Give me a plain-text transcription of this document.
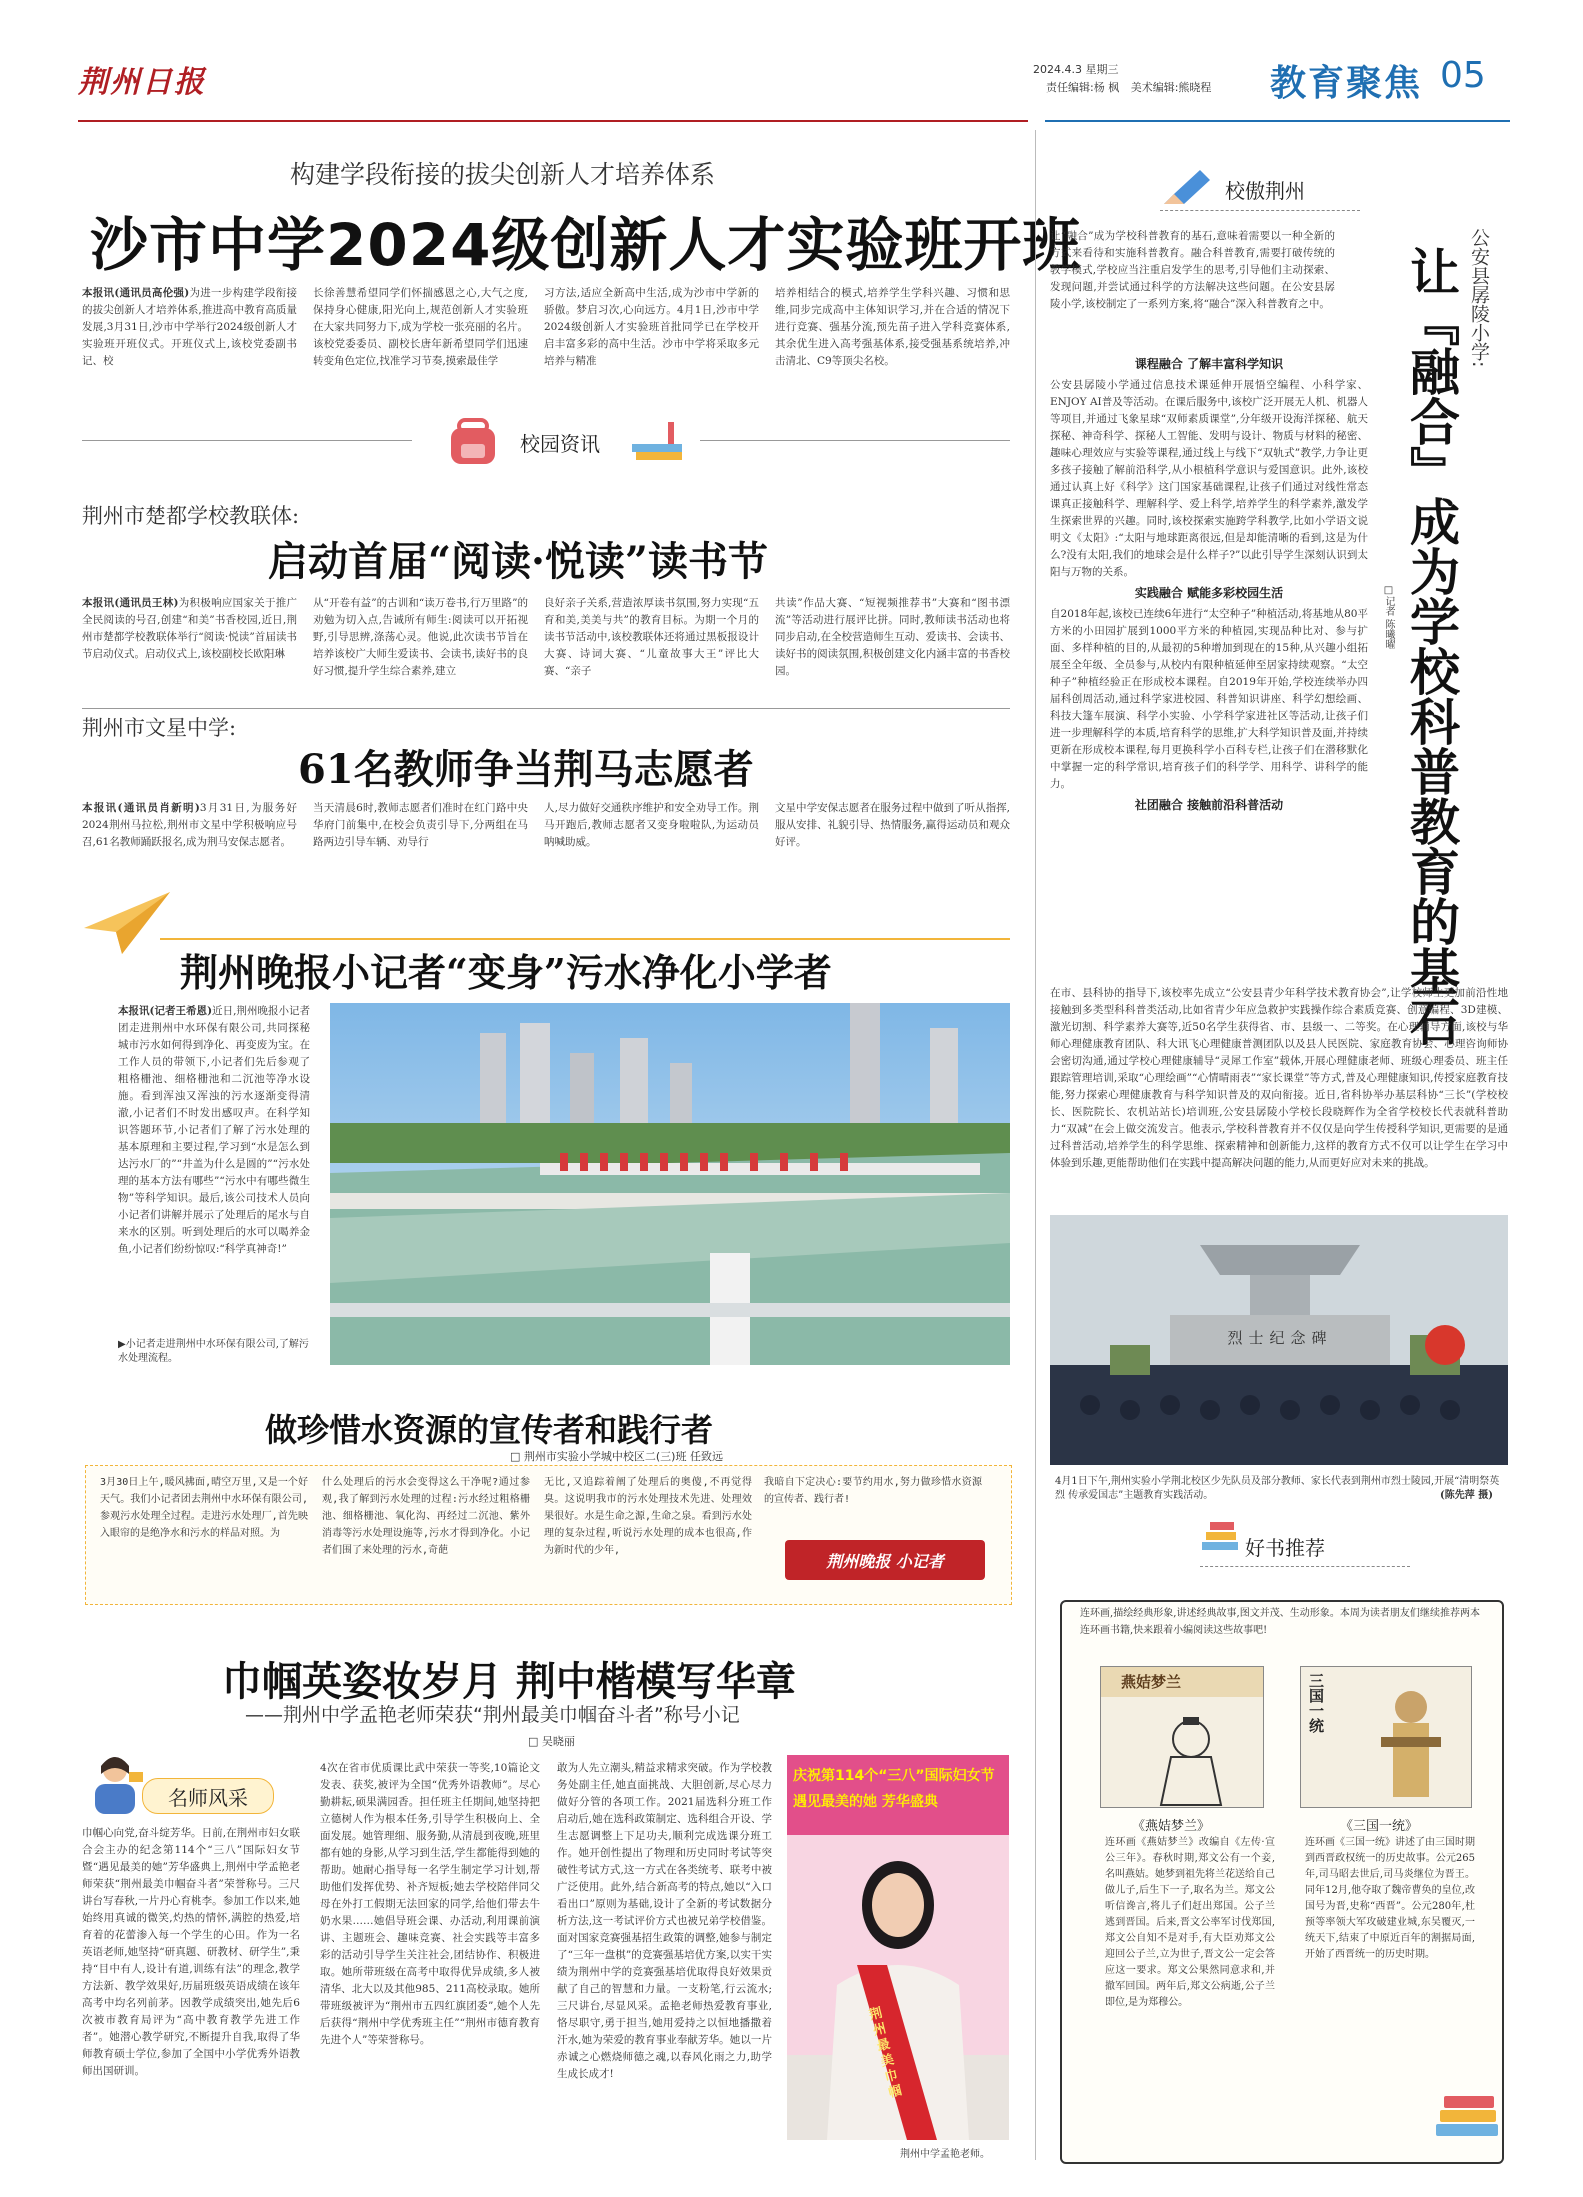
荆州日报	2024.4.3 星期三
责任编辑:杨 枫 美术编辑:熊晓程 教育聚焦 05
构建学段衔接的拔尖创新人才培养体系
沙市中学2024级创新人才实验班开班
本报讯(通讯员高伦强)为进一步构建学段衔接的拔尖创新人才培养体系,推进高中教育高质量发展,3月31日,沙市中学举行2024级创新人才实验班开班仪式。开班仪式上,该校党委副书记、校
长徐善慧希望同学们怀揣感恩之心,大气之度,保持身心健康,阳光向上,规范创新人才实验班在大家共同努力下,成为学校一张亮丽的名片。该校党委委员、副校长唐年新希望同学们迅速转变角色定位,找准学习节奏,摸索最佳学
习方法,适应全新高中生活,成为沙市中学新的骄傲。梦启习次,心向远方。4月1日,沙市中学2024级创新人才实验班首批同学已在学校开启丰富多彩的高中生活。沙市中学将采取多元培养与精准
培养相结合的模式,培养学生学科兴趣、习惯和思维,同步完成高中主体知识学习,并在合适的情况下进行竞赛、强基分流,预先苗子进入学科竞赛体系,其余优生进入高考强基体系,接受强基系统培养,冲击清北、C9等顶尖名校。
校园资讯
荆州市楚都学校教联体:
启动首届“阅读·悦读”读书节
本报讯(通讯员王林)为积极响应国家关于推广全民阅读的号召,创建“和美”书香校园,近日,荆州市楚都学校教联体举行“阅读·悦读”首届读书节启动仪式。启动仪式上,该校副校长欧阳琳
从“开卷有益”的古训和“读万卷书,行万里路”的劝勉为切入点,告诫所有师生:阅读可以开拓视野,引导思辨,涤荡心灵。他说,此次读书节旨在培养该校广大师生爱读书、会读书,读好书的良好习惯,提升学生综合素养,建立
良好亲子关系,营造浓厚读书氛围,努力实现“五育和美,美美与共”的教育目标。为期一个月的读书节活动中,该校教联体还将通过黑板报设计大赛、诗词大赛、“儿童故事大王”评比大赛、“亲子
共读”作品大赛、“短视频推荐书”大赛和“图书漂流”等活动进行展评比拼。同时,教师读书活动也将同步启动,在全校营造师生互动、爱读书、会读书、读好书的阅读氛围,积极创建文化内涵丰富的书香校园。
荆州市文星中学:
61名教师争当荆马志愿者
本报讯(通讯员肖新明)3月31日,为服务好2024荆州马拉松,荆州市文星中学积极响应号召,61名教师踊跃报名,成为荆马安保志愿者。
当天清晨6时,教师志愿者们准时在红门路中央华府门前集中,在校会负责引导下,分两组在马路两边引导车辆、劝导行
人,尽力做好交通秩序维护和安全劝导工作。荆马开跑后,教师志愿者又变身啦啦队,为运动员呐喊助威。
文星中学安保志愿者在服务过程中做到了听从指挥,服从安排、礼貌引导、热情服务,赢得运动员和观众好评。
荆州晚报小记者“变身”污水净化小学者
本报讯(记者王希恩)近日,荆州晚报小记者团走进荆州中水环保有限公司,共同探秘城市污水如何得到净化、再变废为宝。在工作人员的带领下,小记者们先后参观了粗格栅池、细格栅池和二沉池等净水设施。看到浑浊又浑浊的污水逐渐变得清澈,小记者们不时发出感叹声。在科学知识答题环节,小记者们了解了污水处理的基本原理和主要过程,学习到“水是怎么到达污水厂的”“井盖为什么是圆的”“污水处理的基本方法有哪些”“污水中有哪些微生物”等科学知识。最后,该公司技术人员向小记者们讲解并展示了处理后的尾水与自来水的区别。听到处理后的水可以喝养金鱼,小记者们纷纷惊叹:“科学真神奇!”
▶小记者走进荆州中水环保有限公司,了解污水处理流程。
做珍惜水资源的宣传者和践行者
□ 荆州市实验小学城中校区二(三)班 任致远
3月30日上午,暖风拂面,晴空万里,又是一个好天气。我们小记者团去荆州中水环保有限公司,参观污水处理全过程。走进污水处理厂,首先映入眼帘的是绝净水和污水的样品对照。为
什么处理后的污水会变得这么干净呢?通过参观,我了解到污水处理的过程:污水经过粗格栅池、细格栅池、氧化沟、再经过二沉池、紫外消毒等污水处理设施等,污水才得到净化。小记者们围了来处理的污水,奇葩
无比,又追踪着阐了处理后的奥傻,不再觉得臭。这说明我市的污水处理技术先进、处理效果很好。水是生命之源,生命之泉。看到污水处理的复杂过程,听说污水处理的成本也很高,作为新时代的少年,
我暗自下定决心:要节约用水,努力做珍惜水资源的宣传者、践行者!
荆州晚报 小记者
巾帼英姿妆岁月 荆中楷模写华章
——荆州中学孟艳老师荣获“荆州最美巾帼奋斗者”称号小记
□ 吴晓丽
名师风采
巾帼心向党,奋斗绽芳华。日前,在荆州市妇女联合会主办的纪念第114个“三八”国际妇女节暨“遇见最美的她”芳华盛典上,荆州中学孟艳老师荣获“荆州最美巾帼奋斗者”荣誉称号。三尺讲台写春秋,一片丹心育桃李。参加工作以来,她始终用真诚的微笑,灼热的情怀,满腔的热爱,培育着的花蕾渗入每一个学生的心田。作为一名英语老师,她坚持“研真题、研教材、研学生”,秉持“目中有人,设计有道,训练有法”的理念,教学方法新、教学效果好,历届班级英语成绩在该年高考中均名列前茅。因教学成绩突出,她先后6次被市教育局评为“高中教育教学先进工作者”。她潜心教学研究,不断提升自我,取得了华师教育硕士学位,参加了全国中小学优秀外语教师出国研训。
4次在省市优质课比武中荣获一等奖,10篇论文发表、获奖,被评为全国“优秀外语教师”。尽心勤耕耘,硕果满园香。担任班主任期间,她坚持把立德树人作为根本任务,引导学生积极向上、全面发展。她管理细、服务勤,从清晨到夜晚,班里都有她的身影,从学习到生活,学生都能得到她的帮助。她耐心指导每一名学生制定学习计划,帮助他们发挥优势、补齐短板;她去学校陪伴同父母在外打工假期无法回家的同学,给他们带去牛奶水果……她倡导班会课、办活动,利用课前演讲、主题班会、趣味竞赛、社会实践等丰富多彩的活动引导学生关注社会,团结协作、积极进取。她所带班级在高考中取得优异成绩,多人被清华、北大以及其他985、211高校录取。她所带班级被评为“荆州市五四红旗团委”,她个人先后获得“荆州中学优秀班主任”“荆州市德育教育先进个人”等荣誉称号。
敢为人先立潮头,精益求精求突破。作为学校教务处副主任,她直面挑战、大胆创新,尽心尽力做好分管的各项工作。2021届选科分班工作启动后,她在选科政策制定、选科组合开设、学生志愿调整上下足功夫,顺利完成选课分班工作。她开创性提出了物理和历史同时考试等突破性考试方式,这一方式在各类统考、联考中被广泛使用。此外,结合新高考的特点,她以“入口看出口”原则为基础,设计了全新的考试数据分析方法,这一考试评价方式也被兄弟学校借鉴。面对国家竞赛强基招生政策的调整,她参与制定了“三年一盘棋”的竞赛强基培优方案,以实干实绩为荆州中学的竞赛强基培优取得良好效果贡献了自己的智慧和力量。一支粉笔,行云流水;三尺讲台,尽显风采。孟艳老师热爱教育事业,恪尽职守,勇于担当,她用爱持之以恒地播撒着汗水,她为荣爱的教育事业奉献芳华。她以一片赤诚之心燃烧师德之魂,以春风化雨之力,助学生成长成才!
庆祝第114个“三八”国际妇女节 遇见最美的她 芳华盛典
荆州最美巾帼
荆州中学孟艳老师。
校傲荆州
让“融合”成为学校科普教育的基石,意味着需要以一种全新的方式来看待和实施科普教育。融合科普教育,需要打破传统的教学模式,学校应当注重启发学生的思考,引导他们主动探索、发现问题,并尝试通过科学的方法解决这些问题。在公安县孱陵小学,该校制定了一系列方案,将“融合”深入科普教育之中。	公安县孱陵小学:
让『融合』成为学校科普教育的基石
□记者 陈曦曜
课程融合 了解丰富科学知识
公安县孱陵小学通过信息技术课延伸开展悟空编程、小科学家、ENJOY AI普及等活动。在课后服务中,该校广泛开展无人机、机器人等项目,并通过飞象星球“双师素质课堂”,分年级开设海洋探秘、航天探秘、神奇科学、探秘人工智能、发明与设计、物质与材料的秘密、趣味心理效应与实验等课程,通过线上与线下“双轨式”教学,力争让更多孩子接触了解前沿科学,从小根植科学意识与爱国意识。此外,该校通过认真上好《科学》这门国家基础课程,让孩子们通过对线性常态课真正接触科学、理解科学、爱上科学,培养学生的科学素养,激发学生探索世界的兴趣。同时,该校探索实施跨学科教学,比如小学语文说明文《太阳》:“太阳与地球距离很远,但是却能清晰的看到,这是为什么?没有太阳,我们的地球会是什么样子?”以此引导学生深刻认识到太阳与万物的关系。
实践融合 赋能多彩校园生活
自2018年起,该校已连续6年进行“太空种子”种植活动,将基地从80平方米的小田园扩展到1000平方米的种植园,实现品种比对、参与扩面、多样种植的目的,从最初的5种增加到现在的15种,从兴趣小组拓展至全年级、全员参与,从校内有限种植延伸至居家持续观察。“太空种子”种植经验正在形成校本课程。自2019年开始,学校连续举办四届科创周活动,通过科学家进校园、科普知识讲座、科学幻想绘画、科技大篷车展演、科学小实验、小学科学家进社区等活动,让孩子们进一步理解科学的本质,培育科学的思维,扩大科学知识普及面,并持续更新在形成校本课程,每月更换科学小百科专栏,让孩子们在潜移默化中掌握一定的科学常识,培育孩子们的科学学、用科学、讲科学的能力。
社团融合 接触前沿科普活动
在市、县科协的指导下,该校率先成立“公安县青少年科学技术教育协会”,让学校师生更加前沿性地接触到多类型科科普类活动,比如省青少年应急救护实践操作综合素质竞赛、创意编程、3D建模、激光切割、科学素养大赛等,近50名学生获得省、市、县级一、二等奖。在心理辅导方面,该校与华师心理健康教育团队、科大讯飞心理健康普测团队以及县人民医院、家庭教育协会、心理咨询师协会密切沟通,通过学校心理健康辅导“灵犀工作室”载体,开展心理健康老师、班级心理委员、班主任跟踪管理培训,采取“心理绘画”“心情晴雨表”“家长课堂”等方式,普及心理健康知识,传授家庭教育技能,努力探索心理健康教育与科学知识普及的双向衔接。近日,省科协举办基层科协“三长”(学校校长、医院院长、农机站站长)培训班,公安县孱陵小学校长段晓辉作为全省学校校长代表就科普助力“双减”在会上做交流发言。他表示,学校科普教育并不仅仅是向学生传授科学知识,更需要的是通过科普活动,培养学生的科学思维、探索精神和创新能力,这样的教育方式不仅可以让学生在学习中体验到乐趣,更能帮助他们在实践中提高解决问题的能力,从而更好应对未来的挑战。
烈士纪念碑
4月1日下午,荆州实验小学荆北校区少先队员及部分教师、家长代表到荆州市烈士陵园,开展“清明祭英烈 传承爱国志”主题教育实践活动。	(陈先萍 摄)
好书推荐
连环画,描绘经典形象,讲述经典故事,图文并茂、生动形象。本周为读者朋友们继续推荐两本连环画书籍,快来跟着小编阅读这些故事吧!
燕姞梦兰
《燕姞梦兰》
连环画《燕姞梦兰》改编自《左传·宣公三年》。春秋时期,郑文公有一个妾,名叫燕姞。她梦到祖先将兰花送给自己做儿子,后生下一子,取名为兰。郑文公听信谗言,将儿子们赶出郑国。公子兰逃到晋国。后来,晋文公率军讨伐郑国,郑文公自知不是对手,有大臣劝郑文公迎回公子兰,立为世子,晋文公一定会答应这一要求。郑文公果然同意求和,并撤军回国。两年后,郑文公病逝,公子兰即位,是为郑穆公。
三国一统
《三国一统》
连环画《三国一统》讲述了由三国时期到西晋政权统一的历史故事。公元265年,司马昭去世后,司马炎继位为晋王。同年12月,他夺取了魏帝曹奂的皇位,改国号为晋,史称“西晋”。公元280年,杜预等率领大军攻破建业城,东吴覆灭,一统天下,结束了中原近百年的割据局面,开始了西晋统一的历史时期。
